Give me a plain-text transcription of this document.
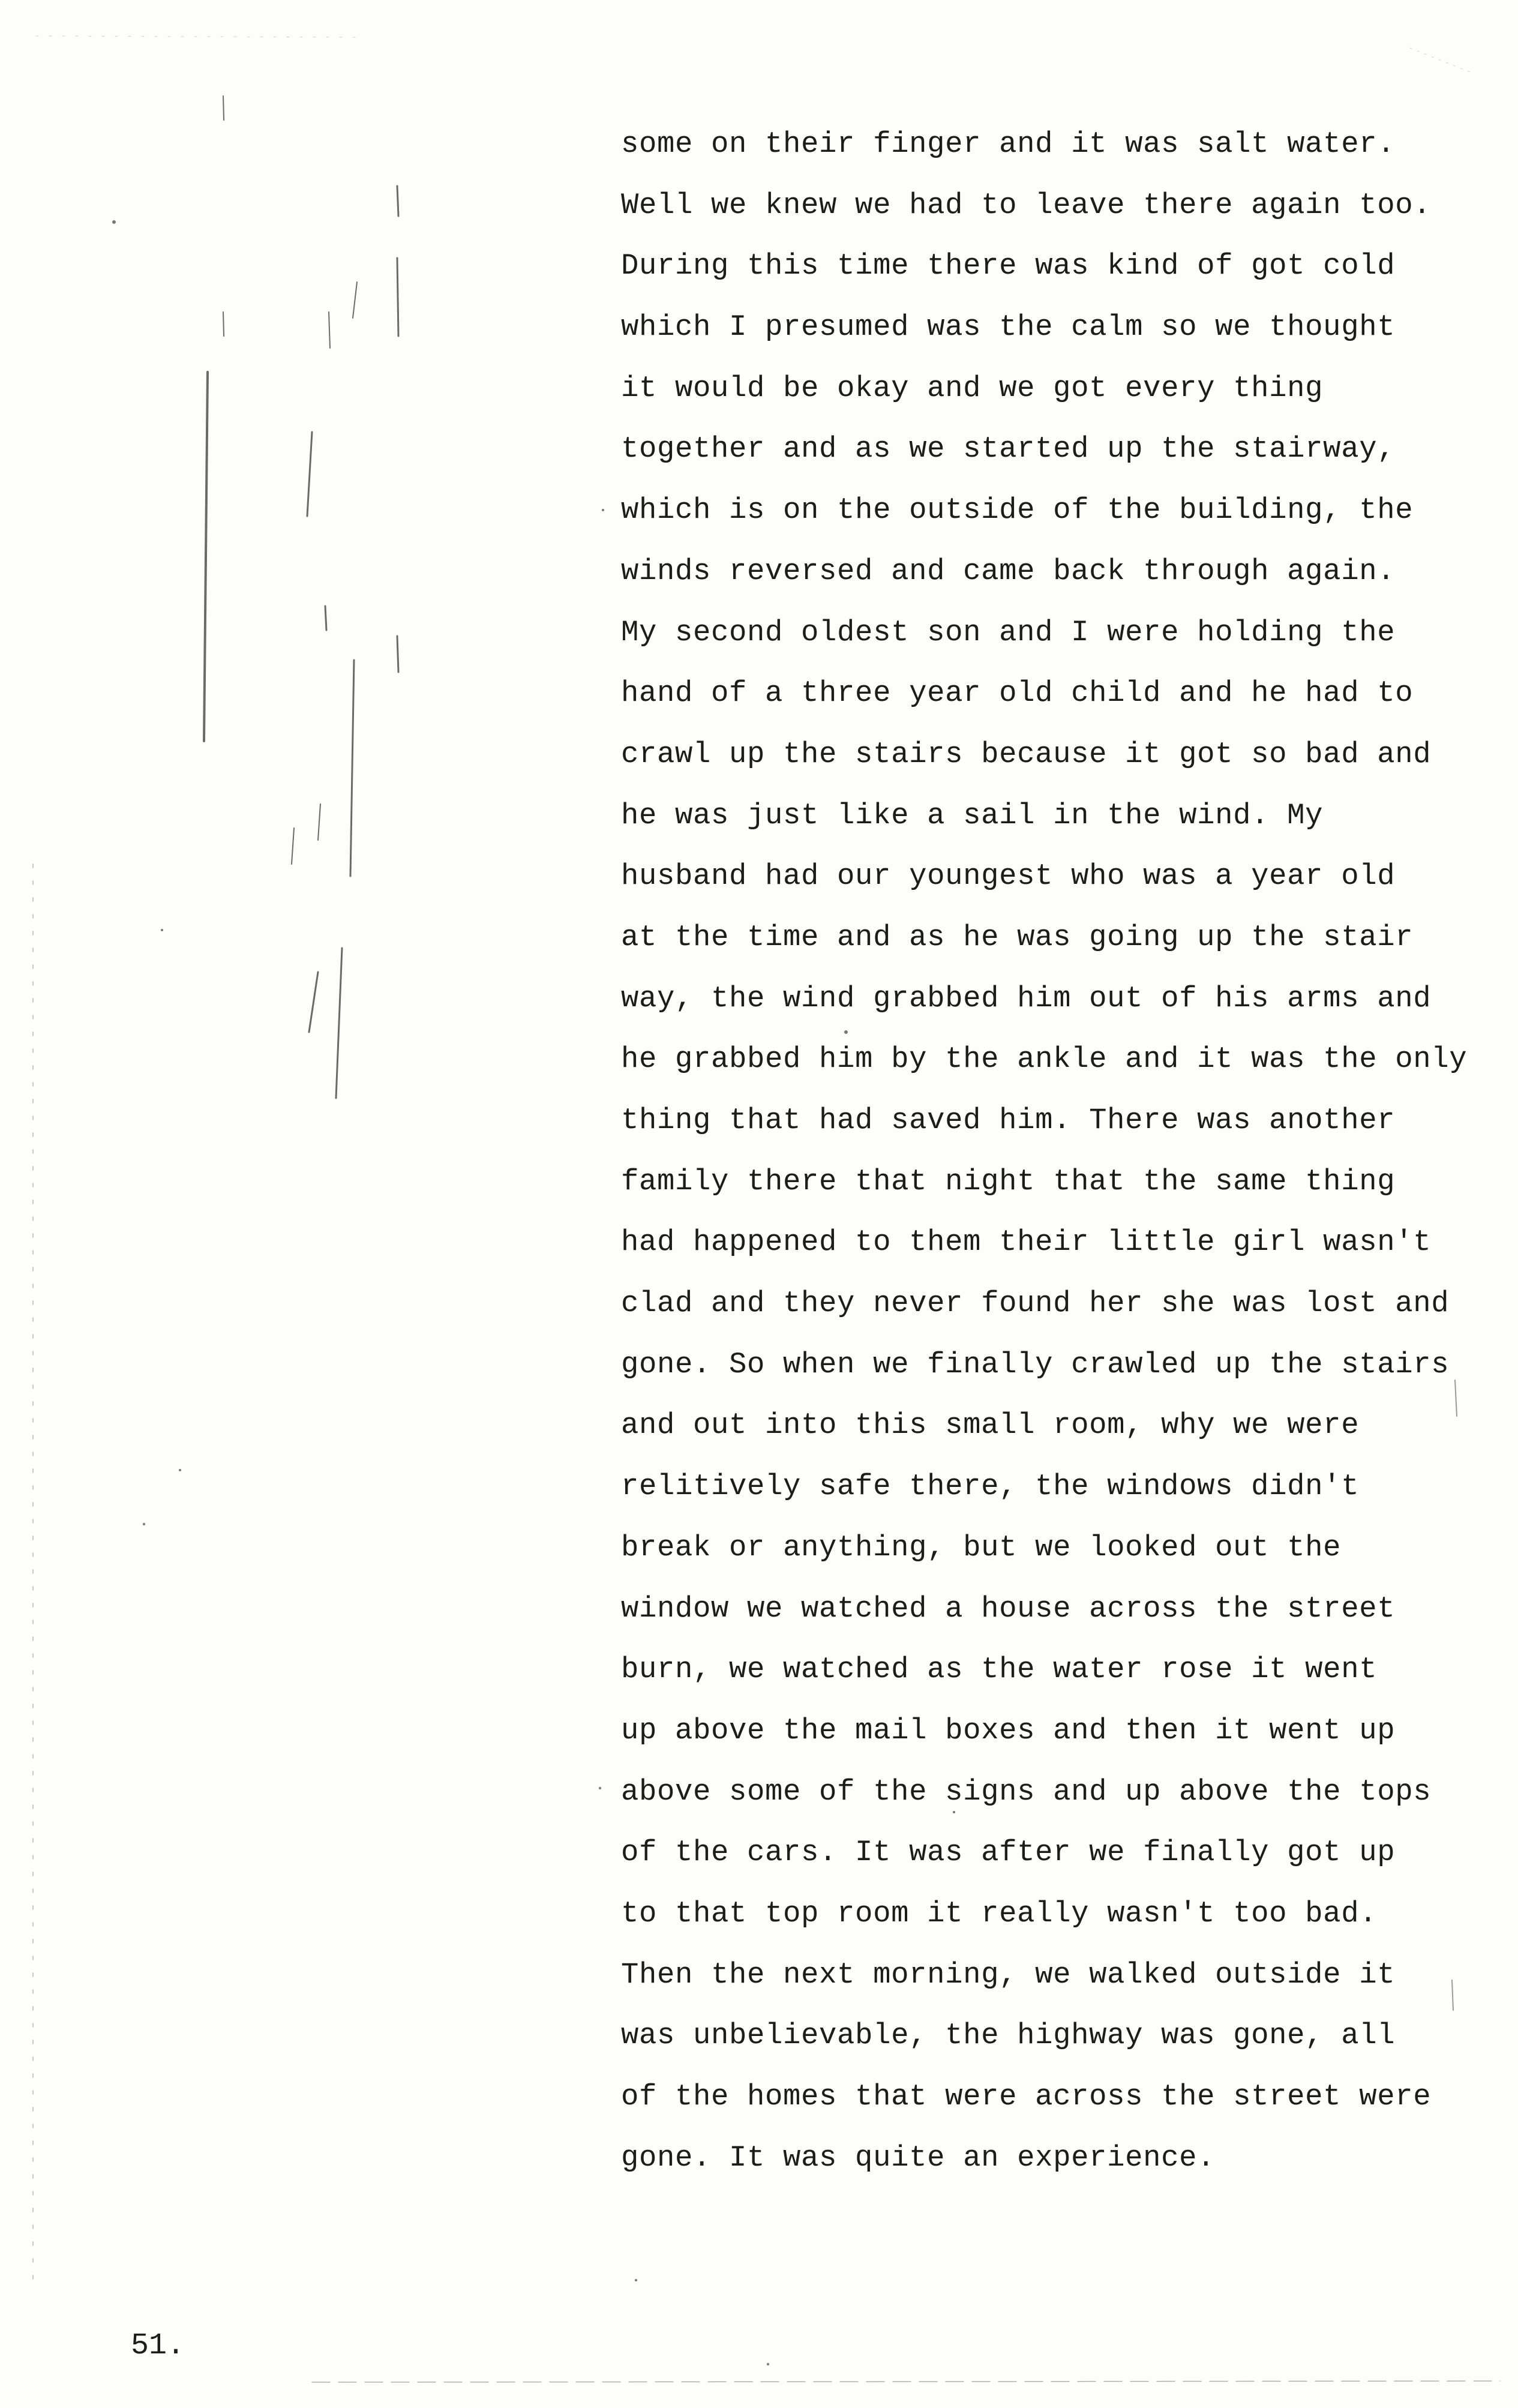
some on their finger and it was salt water.
Well we knew we had to leave there again too.
During this time there was kind of got cold
which I presumed was the calm so we thought
it would be okay and we got every thing
together and as we started up the stairway,
which is on the outside of the building, the
winds reversed and came back through again.
My second oldest son and I were holding the
hand of a three year old child and he had to
crawl up the stairs because it got so bad and
he was just like a sail in the wind. My
husband had our youngest who was a year old
at the time and as he was going up the stair
way, the wind grabbed him out of his arms and
he grabbed him by the ankle and it was the only
thing that had saved him. There was another
family there that night that the same thing
had happened to them their little girl wasn't
clad and they never found her she was lost and
gone. So when we finally crawled up the stairs
and out into this small room, why we were
relitively safe there, the windows didn't
break or anything, but we looked out the
window we watched a house across the street
burn, we watched as the water rose it went
up above the mail boxes and then it went up
above some of the signs and up above the tops
of the cars. It was after we finally got up
to that top room it really wasn't too bad.
Then the next morning, we walked outside it
was unbelievable, the highway was gone, all
of the homes that were across the street were
gone. It was quite an experience.
51.
